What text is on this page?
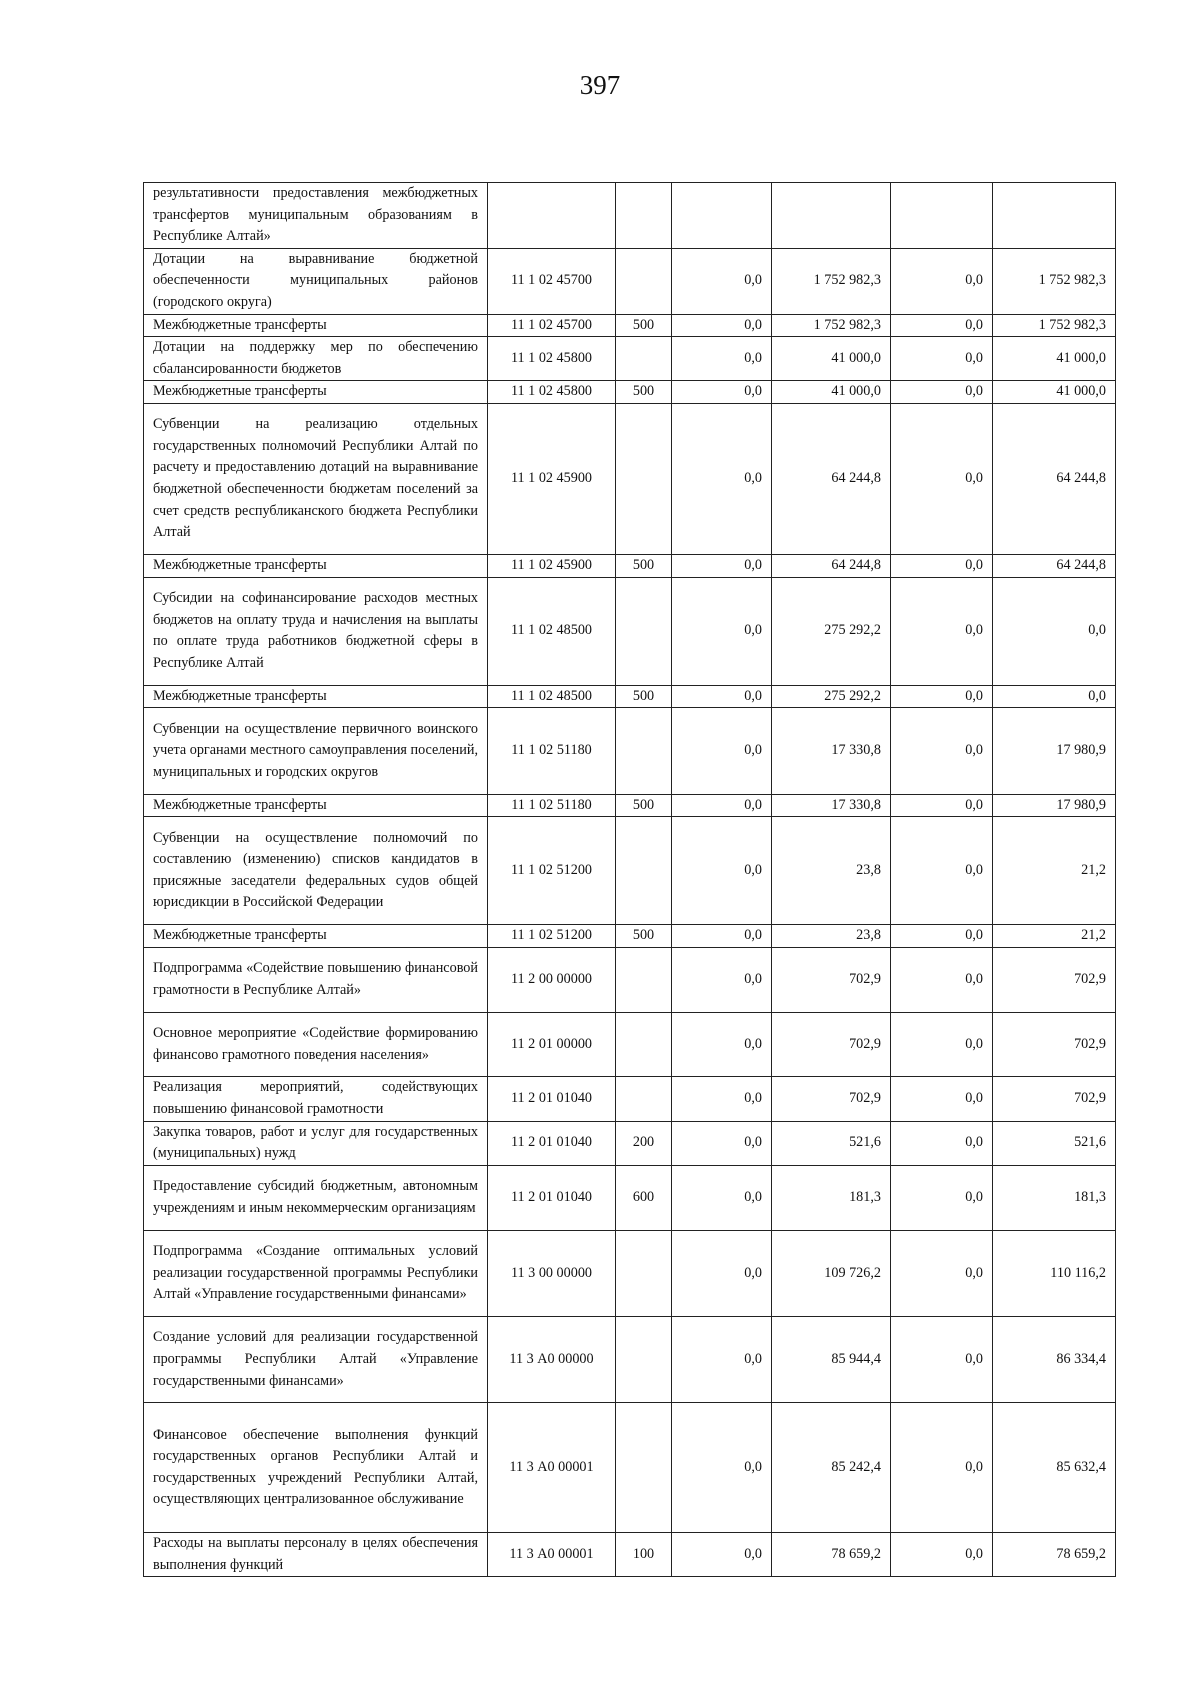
397
результативности предоставления межбюджетных трансфертов муниципальным образованиям в Республике Алтай»						
Дотации на выравнивание бюджетной обеспеченности муниципальных районов (городского округа)	11 1 02 45700		0,0	1 752 982,3	0,0	1 752 982,3
Межбюджетные трансферты	11 1 02 45700	500	0,0	1 752 982,3	0,0	1 752 982,3
Дотации на поддержку мер по обеспечению сбалансированности бюджетов	11 1 02 45800		0,0	41 000,0	0,0	41 000,0
Межбюджетные трансферты	11 1 02 45800	500	0,0	41 000,0	0,0	41 000,0
Субвенции на реализацию отдельных государственных полномочий Республики Алтай по расчету и предоставлению дотаций на выравнивание бюджетной обеспеченности бюджетам поселений за счет средств республиканского бюджета Республики Алтай	11 1 02 45900		0,0	64 244,8	0,0	64 244,8
Межбюджетные трансферты	11 1 02 45900	500	0,0	64 244,8	0,0	64 244,8
Субсидии на софинансирование расходов местных бюджетов на оплату труда и начисления на выплаты по оплате труда работников бюджетной сферы в Республике Алтай	11 1 02 48500		0,0	275 292,2	0,0	0,0
Межбюджетные трансферты	11 1 02 48500	500	0,0	275 292,2	0,0	0,0
Субвенции на осуществление первичного воинского учета органами местного самоуправления поселений, муниципальных и городских округов	11 1 02 51180		0,0	17 330,8	0,0	17 980,9
Межбюджетные трансферты	11 1 02 51180	500	0,0	17 330,8	0,0	17 980,9
Субвенции на осуществление полномочий по составлению (изменению) списков кандидатов в присяжные заседатели федеральных судов общей юрисдикции в Российской Федерации	11 1 02 51200		0,0	23,8	0,0	21,2
Межбюджетные трансферты	11 1 02 51200	500	0,0	23,8	0,0	21,2
Подпрограмма «Содействие повышению финансовой грамотности в Республике Алтай»	11 2 00 00000		0,0	702,9	0,0	702,9
Основное мероприятие «Содействие формированию финансово грамотного поведения населения»	11 2 01 00000		0,0	702,9	0,0	702,9
Реализация мероприятий, содействующих повышению финансовой грамотности	11 2 01 01040		0,0	702,9	0,0	702,9
Закупка товаров, работ и услуг для государственных (муниципальных) нужд	11 2 01 01040	200	0,0	521,6	0,0	521,6
Предоставление субсидий бюджетным, автономным учреждениям и иным некоммерческим организациям	11 2 01 01040	600	0,0	181,3	0,0	181,3
Подпрограмма «Создание оптимальных условий реализации государственной программы Республики Алтай «Управление государственными финансами»	11 3 00 00000		0,0	109 726,2	0,0	110 116,2
Создание условий для реализации государственной программы Республики Алтай «Управление государственными финансами»	11 3 А0 00000		0,0	85 944,4	0,0	86 334,4
Финансовое обеспечение выполнения функций государственных органов Республики Алтай и государственных учреждений Республики Алтай, осуществляющих централизованное обслуживание	11 3 А0 00001		0,0	85 242,4	0,0	85 632,4
Расходы на выплаты персоналу в целях обеспечения выполнения функций	11 3 А0 00001	100	0,0	78 659,2	0,0	78 659,2
